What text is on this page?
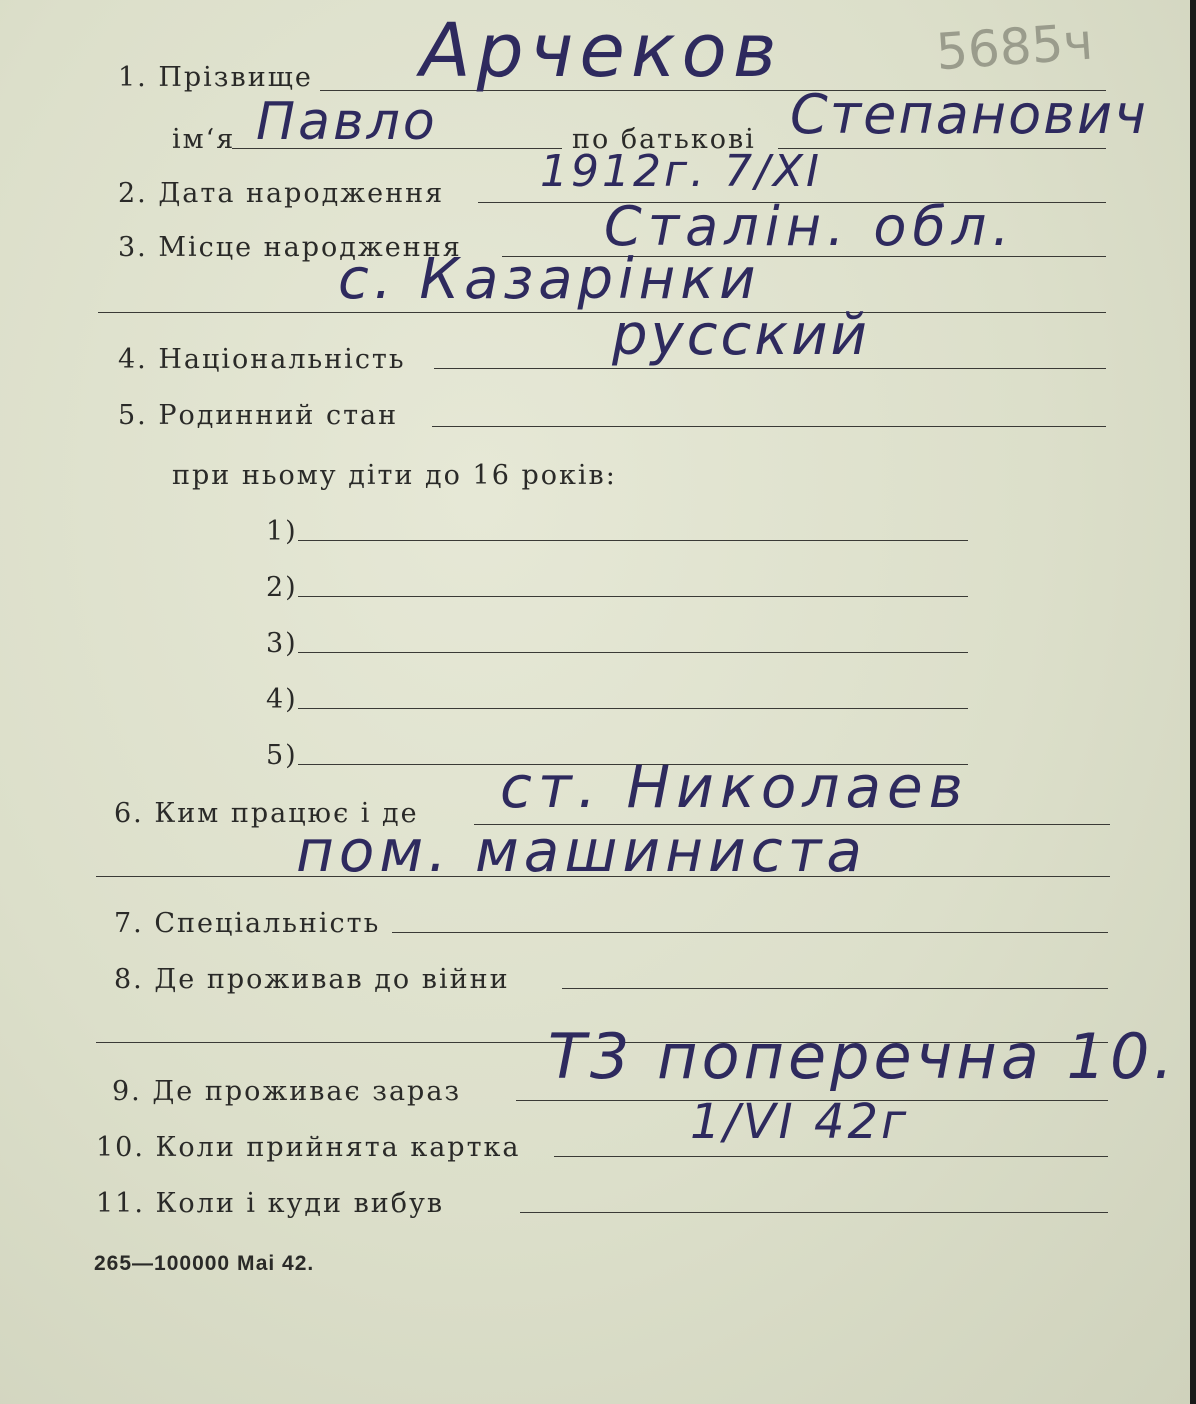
5685ч
1. Прізвище Арчеков
ім‘я Павло	по батькові Степанович
2. Дата народження 1912г. 7/XI
3. Місце народження	Сталін. обл.
с. Казарінки
4. Національність	русский
5. Родинний стан
при ньому діти до 16 років:
1)
2)
3)
4)
5)
6. Ким працює і де ст. Николаев
пом. машиниста
7. Спеціальність
8. Де проживав до війни
9. Де проживає зараз Т3 поперечна 10.
10. Коли прийнята картка	1/VI 42г
11. Коли і куди вибув
265—100000 Маі 42.
